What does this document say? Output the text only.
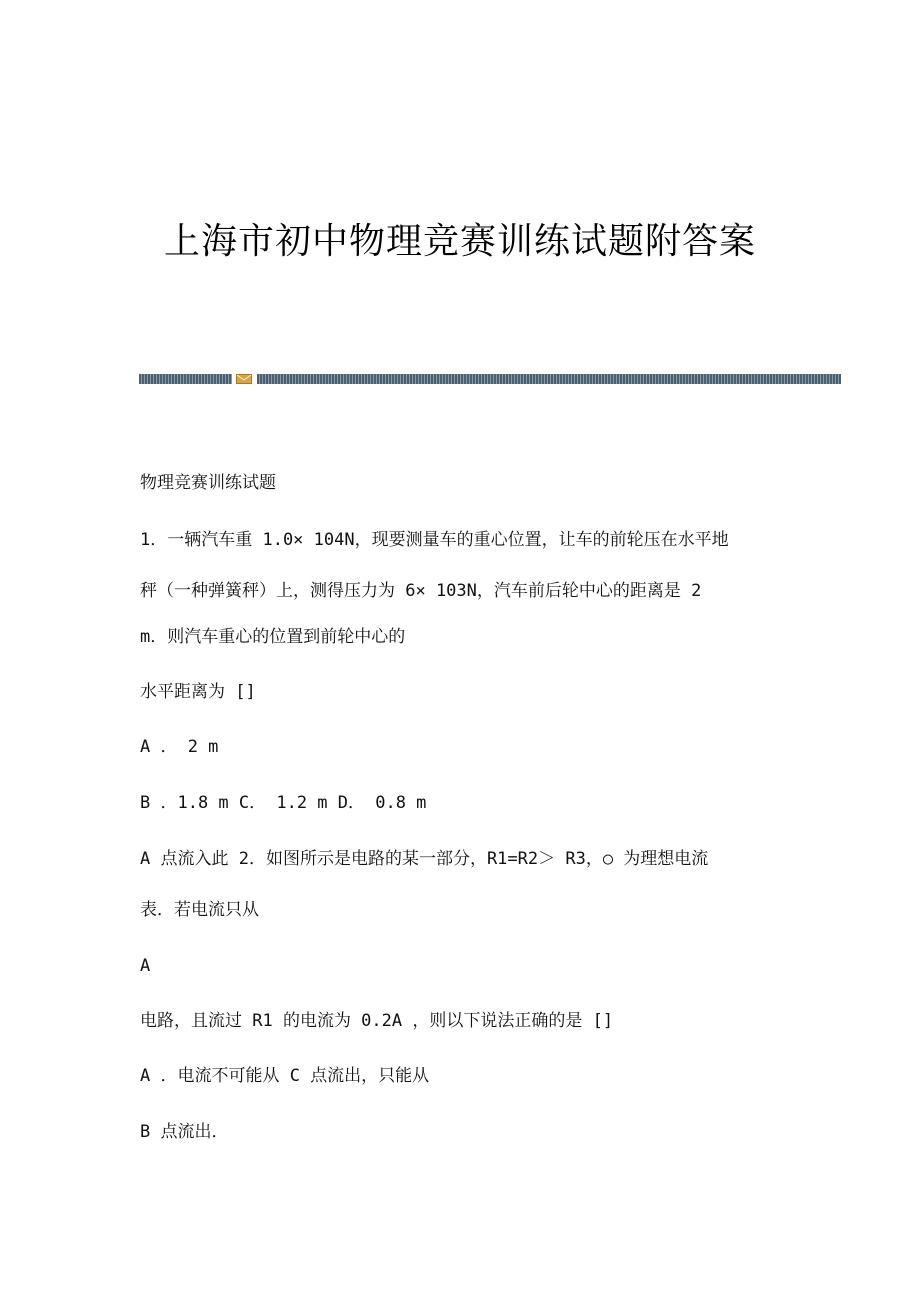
上海市初中物理竞赛训练试题附答案
物理竞赛训练试题
1．一辆汽车重 1.0× 104N，现要测量车的重心位置，让车的前轮压在水平地
秤（一种弹簧秤）上，测得压力为 6× 103N，汽车前后轮中心的距离是 2
m．则汽车重心的位置到前轮中心的
水平距离为 []
A ． 2 m
B ．1.8 m C． 1.2 m D． 0.8 m
A 点流入此 2．如图所示是电路的某一部分，R1=R2＞ R3，○ 为理想电流
表．若电流只从
A
电路，且流过 R1 的电流为 0.2A ，则以下说法正确的是 []
A ．电流不可能从 C 点流出，只能从
B 点流出．
